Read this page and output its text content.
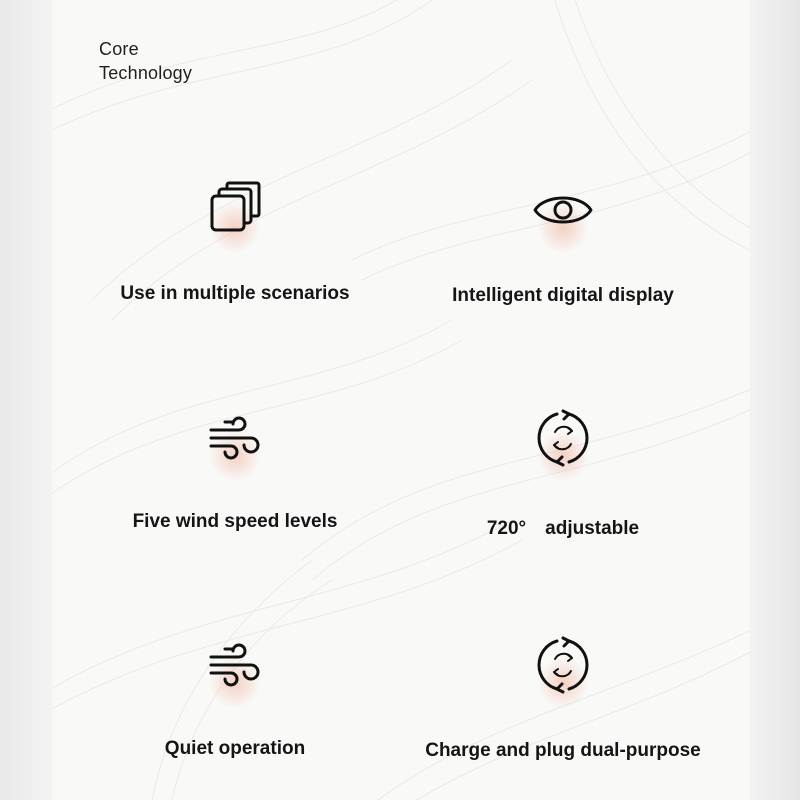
Core
Technology
Use in multiple scenarios	Intelligent digital display
Five wind speed levels	720°　adjustable
Quiet operation	Charge and plug dual-purpose
